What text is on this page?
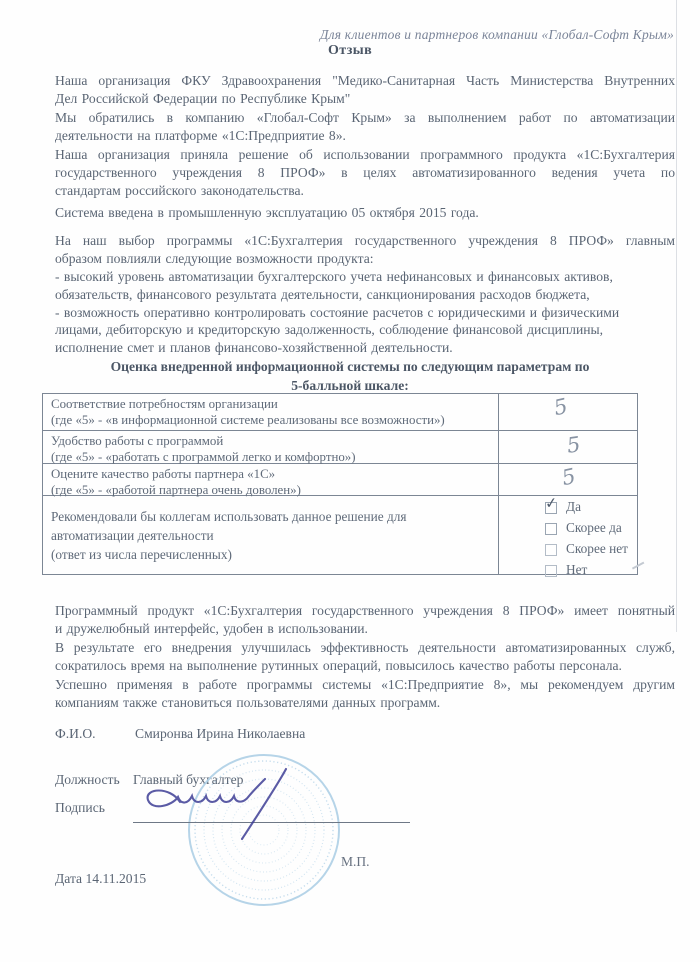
Для клиентов и партнеров компании «Глобал-Софт Крым»
Отзыв
Наша организация ФКУ Здравоохранения "Медико-Санитарная Часть Министерства Внутренних
Дел Российской Федерации по Республике Крым"
Мы обратились в компанию «Глобал-Софт Крым» за выполнением работ по автоматизации
деятельности на платформе «1С:Предприятие 8».
Наша организация приняла решение об использовании программного продукта «1С:Бухгалтерия
государственного учреждения 8 ПРОФ» в целях автоматизированного ведения учета по
стандартам российского законодательства.
Система введена в промышленную эксплуатацию 05 октября 2015 года.
На наш выбор программы «1С:Бухгалтерия государственного учреждения 8 ПРОФ» главным
образом повлияли следующие возможности продукта:
- высокий уровень автоматизации бухгалтерского учета нефинансовых и финансовых активов,
обязательств, финансового результата деятельности, санкционирования расходов бюджета,
- возможность оперативно контролировать состояние расчетов с юридическими и физическими
лицами, дебиторскую и кредиторскую задолженность, соблюдение финансовой дисциплины,
исполнение смет и планов финансово-хозяйственной деятельности.
Оценка внедренной информационной системы по следующим параметрам по
5-балльной шкале:
Соответствие потребностям организации
(где «5» - «в информационной системе реализованы все возможности»)	5
Удобство работы с программой
(где «5» - «работать с программой легко и комфортно»)	5
Оцените качество работы партнера «1С»
(где «5» - «работой партнера очень доволен»)	5
Рекомендовали бы коллегам использовать данное решение для
автоматизации деятельности
(ответ из числа перечисленных)
✓ Да
Скорее да
Скорее нет
Нет
Программный продукт «1С:Бухгалтерия государственного учреждения 8 ПРОФ» имеет понятный
и дружелюбный интерфейс, удобен в использовании.
В результате его внедрения улучшилась эффективность деятельности автоматизированных служб,
сократилось время на выполнение рутинных операций, повысилось качество работы персонала.
Успешно применяя в работе программы системы «1С:Предприятие 8», мы рекомендуем другим
компаниям также становиться пользователями данных программ.
Ф.И.О.	Смиронва Ирина Николаевна
Должность Главный бухгалтер
Подпись
М.П.
Дата 14.11.2015
